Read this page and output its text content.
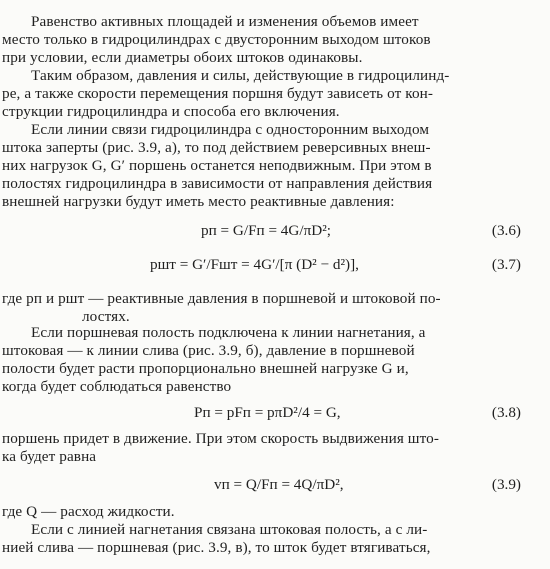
Равенство активных площадей и изменения объемов имеет
место только в гидроцилиндрах с двусторонним выходом штоков
при условии, если диаметры обоих штоков одинаковы.
Таким образом, давления и силы, действующие в гидроцилинд-
ре, а также скорости перемещения поршня будут зависеть от кон-
струкции гидроцилиндра и способа его включения.
Если линии связи гидроцилиндра с односторонним выходом
штока заперты (рис. 3.9, а), то под действием реверсивных внеш-
них нагрузок G, G′ поршень останется неподвижным. При этом в
полостях гидроцилиндра в зависимости от направления действия
внешней нагрузки будут иметь место реактивные давления:
pп = G/Fп = 4G/πD²;	(3.6)
pшт = G′/Fшт = 4G′/[π (D² − d²)],	(3.7)
где pп и pшт — реактивные давления в поршневой и штоковой по-
лостях.
Если поршневая полость подключена к линии нагнетания, а
штоковая — к линии слива (рис. 3.9, б), давление в поршневой
полости будет расти пропорционально внешней нагрузке G и,
когда будет соблюдаться равенство
Pп = pFп = pπD²/4 = G,	(3.8)
поршень придет в движение. При этом скорость выдвижения што-
ка будет равна
vп = Q/Fп = 4Q/πD²,	(3.9)
где Q — расход жидкости.
Если с линией нагнетания связана штоковая полость, а с ли-
нией слива — поршневая (рис. 3.9, в), то шток будет втягиваться,
